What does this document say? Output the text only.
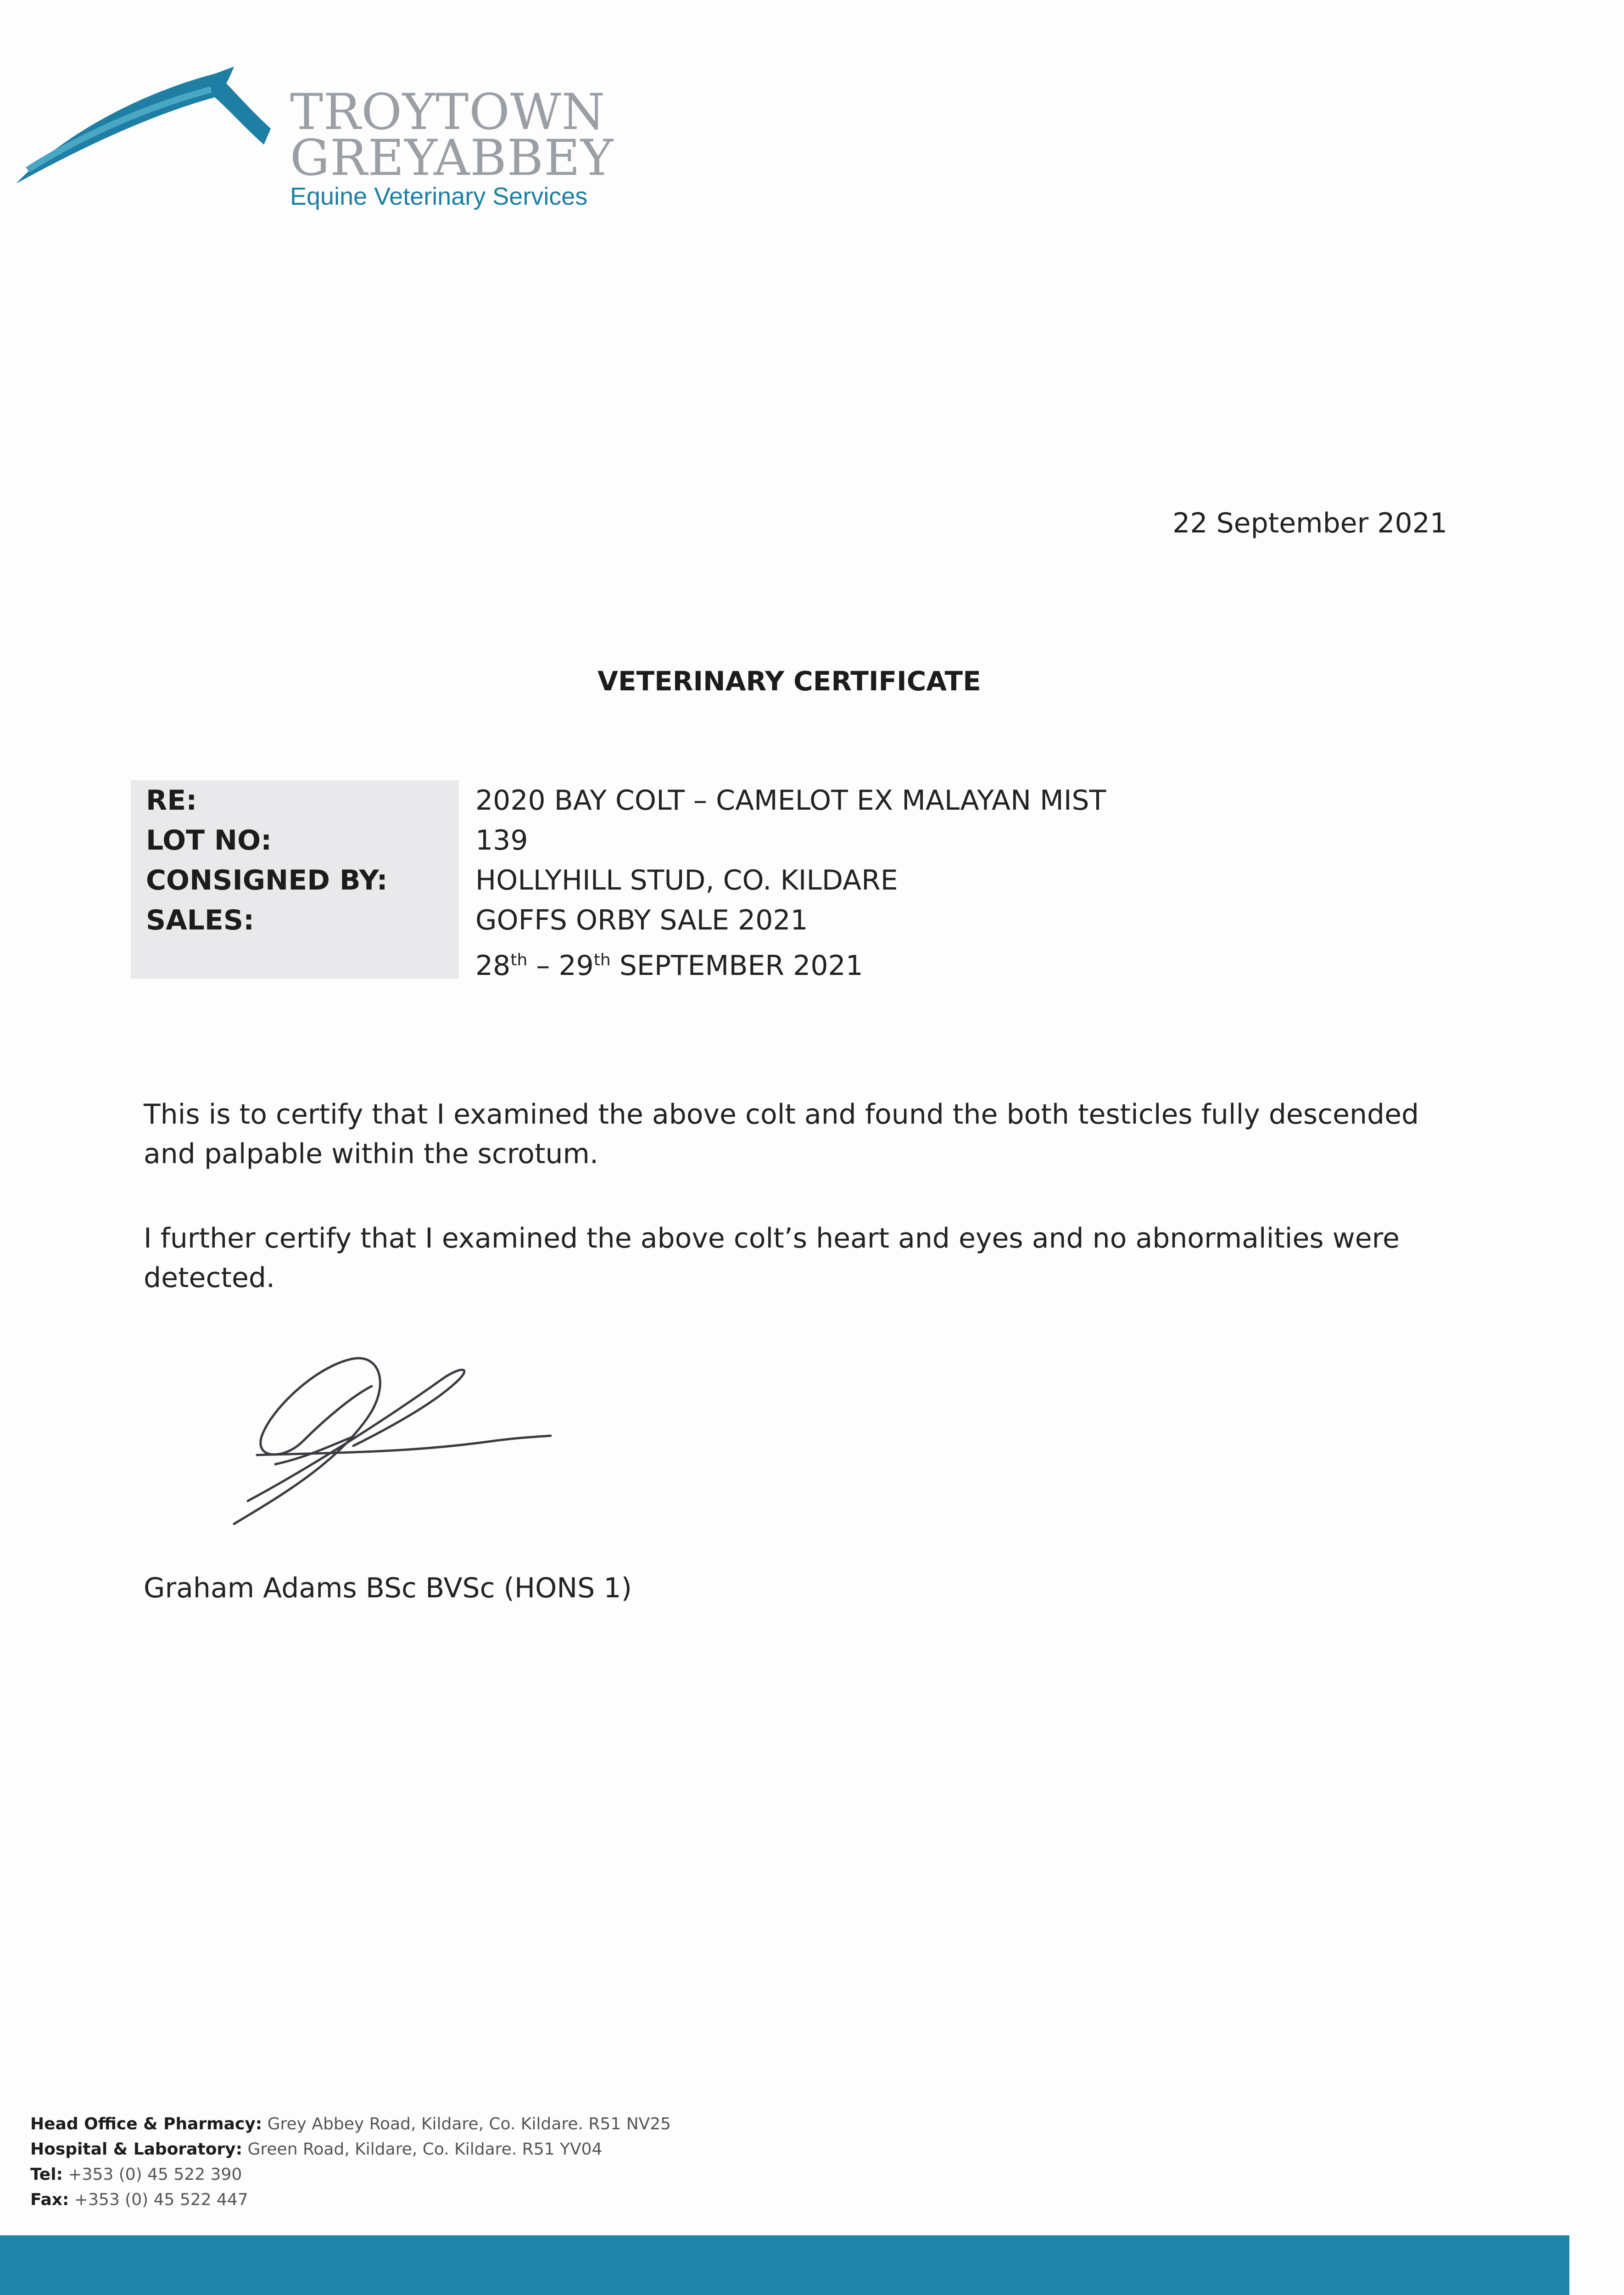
TROYTOWN
GREYABBEY
Equine Veterinary Services
22 September 2021
VETERINARY CERTIFICATE
RE:	2020 BAY COLT – CAMELOT EX MALAYAN MIST
LOT NO:	139
CONSIGNED BY:	HOLLYHILL STUD, CO. KILDARE
SALES:	GOFFS ORBY SALE 2021
28th – 29th SEPTEMBER 2021
This is to certify that I examined the above colt and found the both testicles fully descended and palpable within the scrotum.
I further certify that I examined the above colt’s heart and eyes and no abnormalities were detected.
Graham Adams BSc BVSc (HONS 1)
Head Office & Pharmacy: Grey Abbey Road, Kildare, Co. Kildare. R51 NV25
Hospital & Laboratory: Green Road, Kildare, Co. Kildare. R51 YV04
Tel: +353 (0) 45 522 390
Fax: +353 (0) 45 522 447
